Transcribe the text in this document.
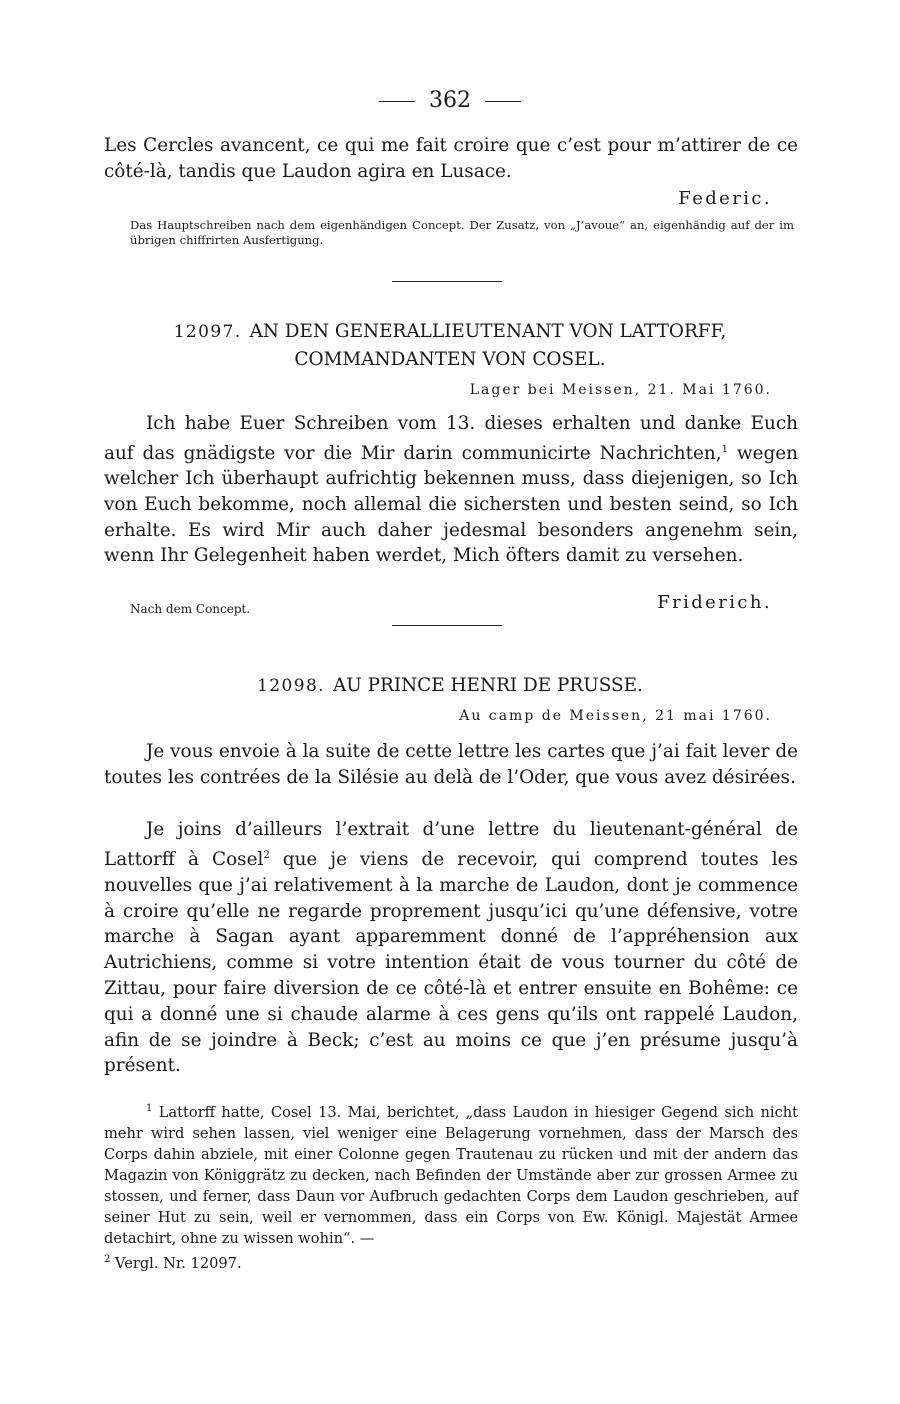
362

Les Cercles avancent, ce qui me fait croire que c’est pour m’attirer de ce côté-là, tandis que Laudon agira en Lusace.

Federic.

Das Hauptschreiben nach dem eigenhändigen Concept. Der Zusatz, von „J’avoue“ an, eigenhändig auf der im übrigen chiffrirten Ausfertigung.

12097. AN DEN GENERALLIEUTENANT VON LATTORFF,
COMMANDANTEN VON COSEL.
Lager bei Meissen, 21. Mai 1760.

Ich habe Euer Schreiben vom 13. dieses erhalten und danke Euch auf das gnädigste vor die Mir darin communicirte Nachrichten,$^1$ wegen welcher Ich überhaupt aufrichtig bekennen muss, dass diejenigen, so Ich von Euch bekomme, noch allemal die sichersten und besten seind, so Ich erhalte. Es wird Mir auch daher jedesmal besonders angenehm sein, wenn Ihr Gelegenheit haben werdet, Mich öfters damit zu versehen.

Nach dem Concept.	Friderich.
12098. AU PRINCE HENRI DE PRUSSE.
Au camp de Meissen, 21 mai 1760.

Je vous envoie à la suite de cette lettre les cartes que j’ai fait lever de toutes les contrées de la Silésie au delà de l’Oder, que vous avez désirées.

Je joins d’ailleurs l’extrait d’une lettre du lieutenant-général de Lattorff à Cosel$^2$ que je viens de recevoir, qui comprend toutes les nouvelles que j’ai relativement à la marche de Laudon, dont je commence à croire qu’elle ne regarde proprement jusqu’ici qu’une défensive, votre marche à Sagan ayant apparemment donné de l’appréhension aux Autrichiens, comme si votre intention était de vous tourner du côté de Zittau, pour faire diversion de ce côté-là et entrer ensuite en Bohême: ce qui a donné une si chaude alarme à ces gens qu’ils ont rappelé Laudon, afin de se joindre à Beck; c’est au moins ce que j’en présume jusqu’à présent.

$^1$ Lattorff hatte, Cosel 13. Mai, berichtet, „dass Laudon in hiesiger Gegend sich nicht mehr wird sehen lassen, viel weniger eine Belagerung vornehmen, dass der Marsch des Corps dahin abziele, mit einer Colonne gegen Trautenau zu rücken und mit der andern das Magazin von Königgrätz zu decken, nach Befinden der Umstände aber zur grossen Armee zu stossen, und ferner, dass Daun vor Aufbruch gedachten Corps dem Laudon geschrieben, auf seiner Hut zu sein, weil er vernommen, dass ein Corps von Ew. Königl. Majestät Armee detachirt, ohne zu wissen wohin“. —
$^2$ Vergl. Nr. 12097.
